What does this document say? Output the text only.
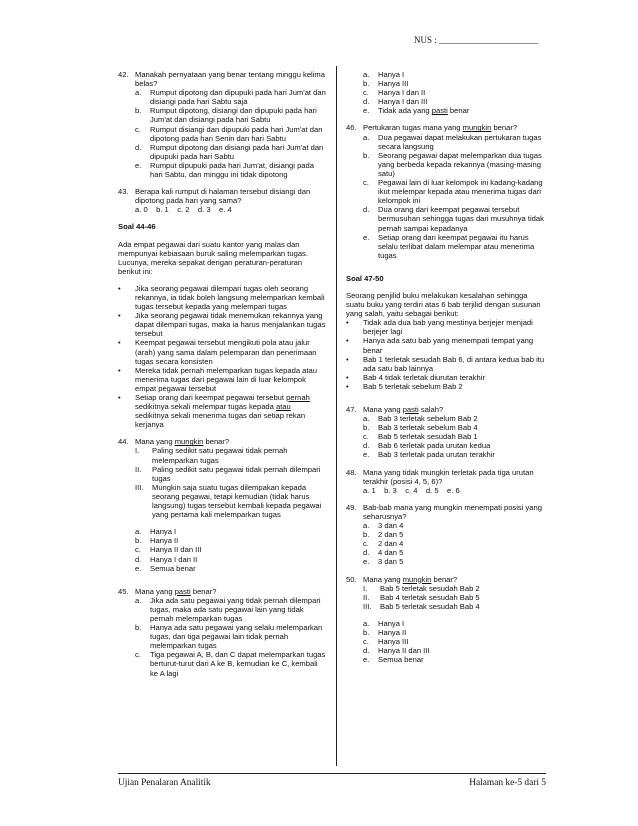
NUS : ______________________
42. Manakah pernyataan yang benar tentang minggu kelima belas?
a.	Rumput dipotong dan dipupuki pada hari Jum'at dan disiangi pada hari Sabtu saja
b.	Rumput dipotong, disiangi dan dipupuki pada hari Jum'at dan disiangi pada hari Sabtu
c.	Rumput disiangi dan dipupuki pada hari Jum'at dan dipotong pada hari Senin dan hari Sabtu
d.	Rumput dipotong dan disiangi pada hari Jum'at dan dipupuki pada hari Sabtu
e.	Rumput dipupuki pada hari Jum'at, disiangi pada hari Sabtu, dan minggu ini tidak dipotong
43. Berapa kali rumput di halaman tersebut disiangi dan dipotong pada hari yang sama?
a. 0    b. 1    c. 2    d. 3    e. 4
Soal 44-46
Ada empat pegawai dari suatu kantor yang malas dan mempunyai kebiasaan buruk saling melemparkan tugas. Lucunya, mereka sepakat dengan peraturan-peraturan berikut ini:
•	Jika seorang pegawai dilempari tugas oleh seorang rekannya, ia tidak boleh langsung melemparkan kembali tugas tersebut kepada yang melempari tugas
•	Jika seorang pegawai tidak menemukan rekannya yang dapat dilempari tugas, maka ia harus menjalankan tugas tersebut
•	Keempat pegawai tersebut mengikuti pola atau jalur (arah) yang sama dalam pelemparan dan penerimaan tugas secara konsisten
•	Mereka tidak pernah melemparkan tugas kepada atau menerima tugas dari pegawai lain di luar kelompok empat pegawai tersebut
•	Setiap orang dari keempat pegawai tersebut pernah sedikitnya sekali melempar tugas kepada atau sedikitnya sekali menerima tugas dari setiap rekan kerjanya
44. Mana yang mungkin benar?
I.	Paling sedikit satu pegawai tidak pernah melemparkan tugas
II.	Paling sedikit satu pegawai tidak pernah dilempari tugas
III.	Mungkin saja suatu tugas dilempakan kepada seorang pegawai, tetapi kemudian (tidak harus langsung) tugas tersebut kembali kepada pegawai yang pertama kali melemparkan tugas
a.	Hanya I
b.	Hanya II
c.	Hanya II dan III
d.	Hanya I dan II
e.	Semua benar
45. Mana yang pasti benar?
a.	Jika ada satu pegawai yang tidak pernah dilempari tugas, maka ada satu pegawai lain yang tidak pernah melemparkan tugas
b.	Hanya ada satu pegawai yang selalu melemparkan tugas, dan tiga pegawai lain tidak pernah melemparkan tugas
c.	Tiga pegawai A, B, dan C dapat melemparkan tugas berturut-turut dari A ke B, kemudian ke C, kembali ke A lagi
a.	Hanya I
b.	Hanya III
c.	Hanya I dan II
d.	Hanya I dan III
e.	Tidak ada yang pasti benar
46. Pertukaran tugas mana yang mungkin benar?
a.	Dua pegawai dapat melakukan pertukaran tugas secara langsung
b.	Seorang pegawai dapat melemparkan dua tugas yang berbeda kepada rekannya (masing-masing satu)
c.	Pegawai lain di luar kelompok ini kadang-kadang ikut melempar kepada atau menerima tugas dari kelompok ini
d.	Dua orang dari keempat pegawai tersebut bermusuhan sehingga tugas dari musuhnya tidak pernah sampai kepadanya
e.	Setiap orang dari keempat pegawai itu harus selalu terlibat dalam melempar atau menerima tugas
Soal 47-50
Seorang penjilid buku melakukan kesalahan sehingga suatu buku yang terdiri atas 6 bab terjilid dengan susunan yang salah, yaitu sebagai berikut:
•	Tidak ada dua bab yang mestinya berjejer menjadi berjejer lagi
•	Hanya ada satu bab yang menempati tempat yang benar
•	Bab 1 terletak sesudah Bab 6, di antara kedua bab itu ada satu bab lainnya
•	Bab 4 tidak terletak diurutan terakhir
•	Bab 5 terletak sebelum Bab 2
47. Mana yang pasti salah?
a.	Bab 3 terletak sebelum Bab 2
b.	Bab 3 terletak sebelum Bab 4
c.	Bab 5 terletak sesudah Bab 1
d.	Bab 6 terletak pada urutan kedua
e.	Bab 3 terletak pada urutan terakhir
48. Mana yang tidak mungkin terletak pada tiga urutan terakhir (posisi 4, 5, 6)?
a. 1    b. 3    c. 4    d. 5    e. 6
49. Bab-bab mana yang mungkin menempati posisi yang seharusnya?
a.	3 dan 4
b.	2 dan 5
c.	2 dan 4
d.	4 dan 5
e.	3 dan 5
50. Mana yang mungkin benar?
I.	Bab 5 terletak sesudah Bab 2
II.	Bab 4 terletak sesudah Bab 5
III.	Bab 5 terletak sesudah Bab 4
a.	Hanya I
b.	Hanya II
c.	Hanya III
d.	Hanya II dan III
e.	Semua benar
Ujian Penalaran Analitik	Halaman ke-5 dari 5
